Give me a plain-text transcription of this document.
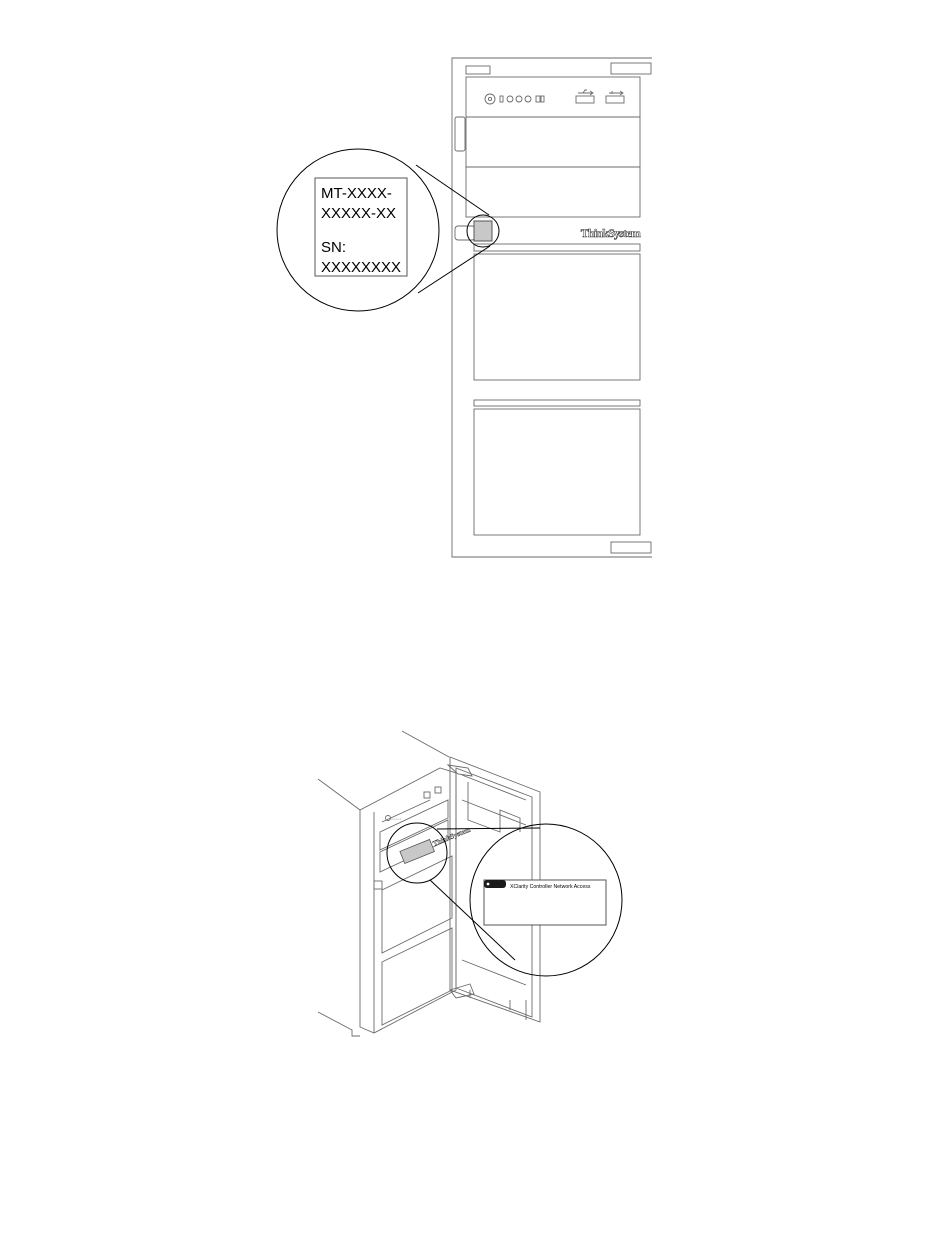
ThinkSystem
MT-XXXX-
XXXXX-XX
SN:
XXXXXXXX
◦◦◦◦◦
ThinkSystem
XClarity Controller Network Access
